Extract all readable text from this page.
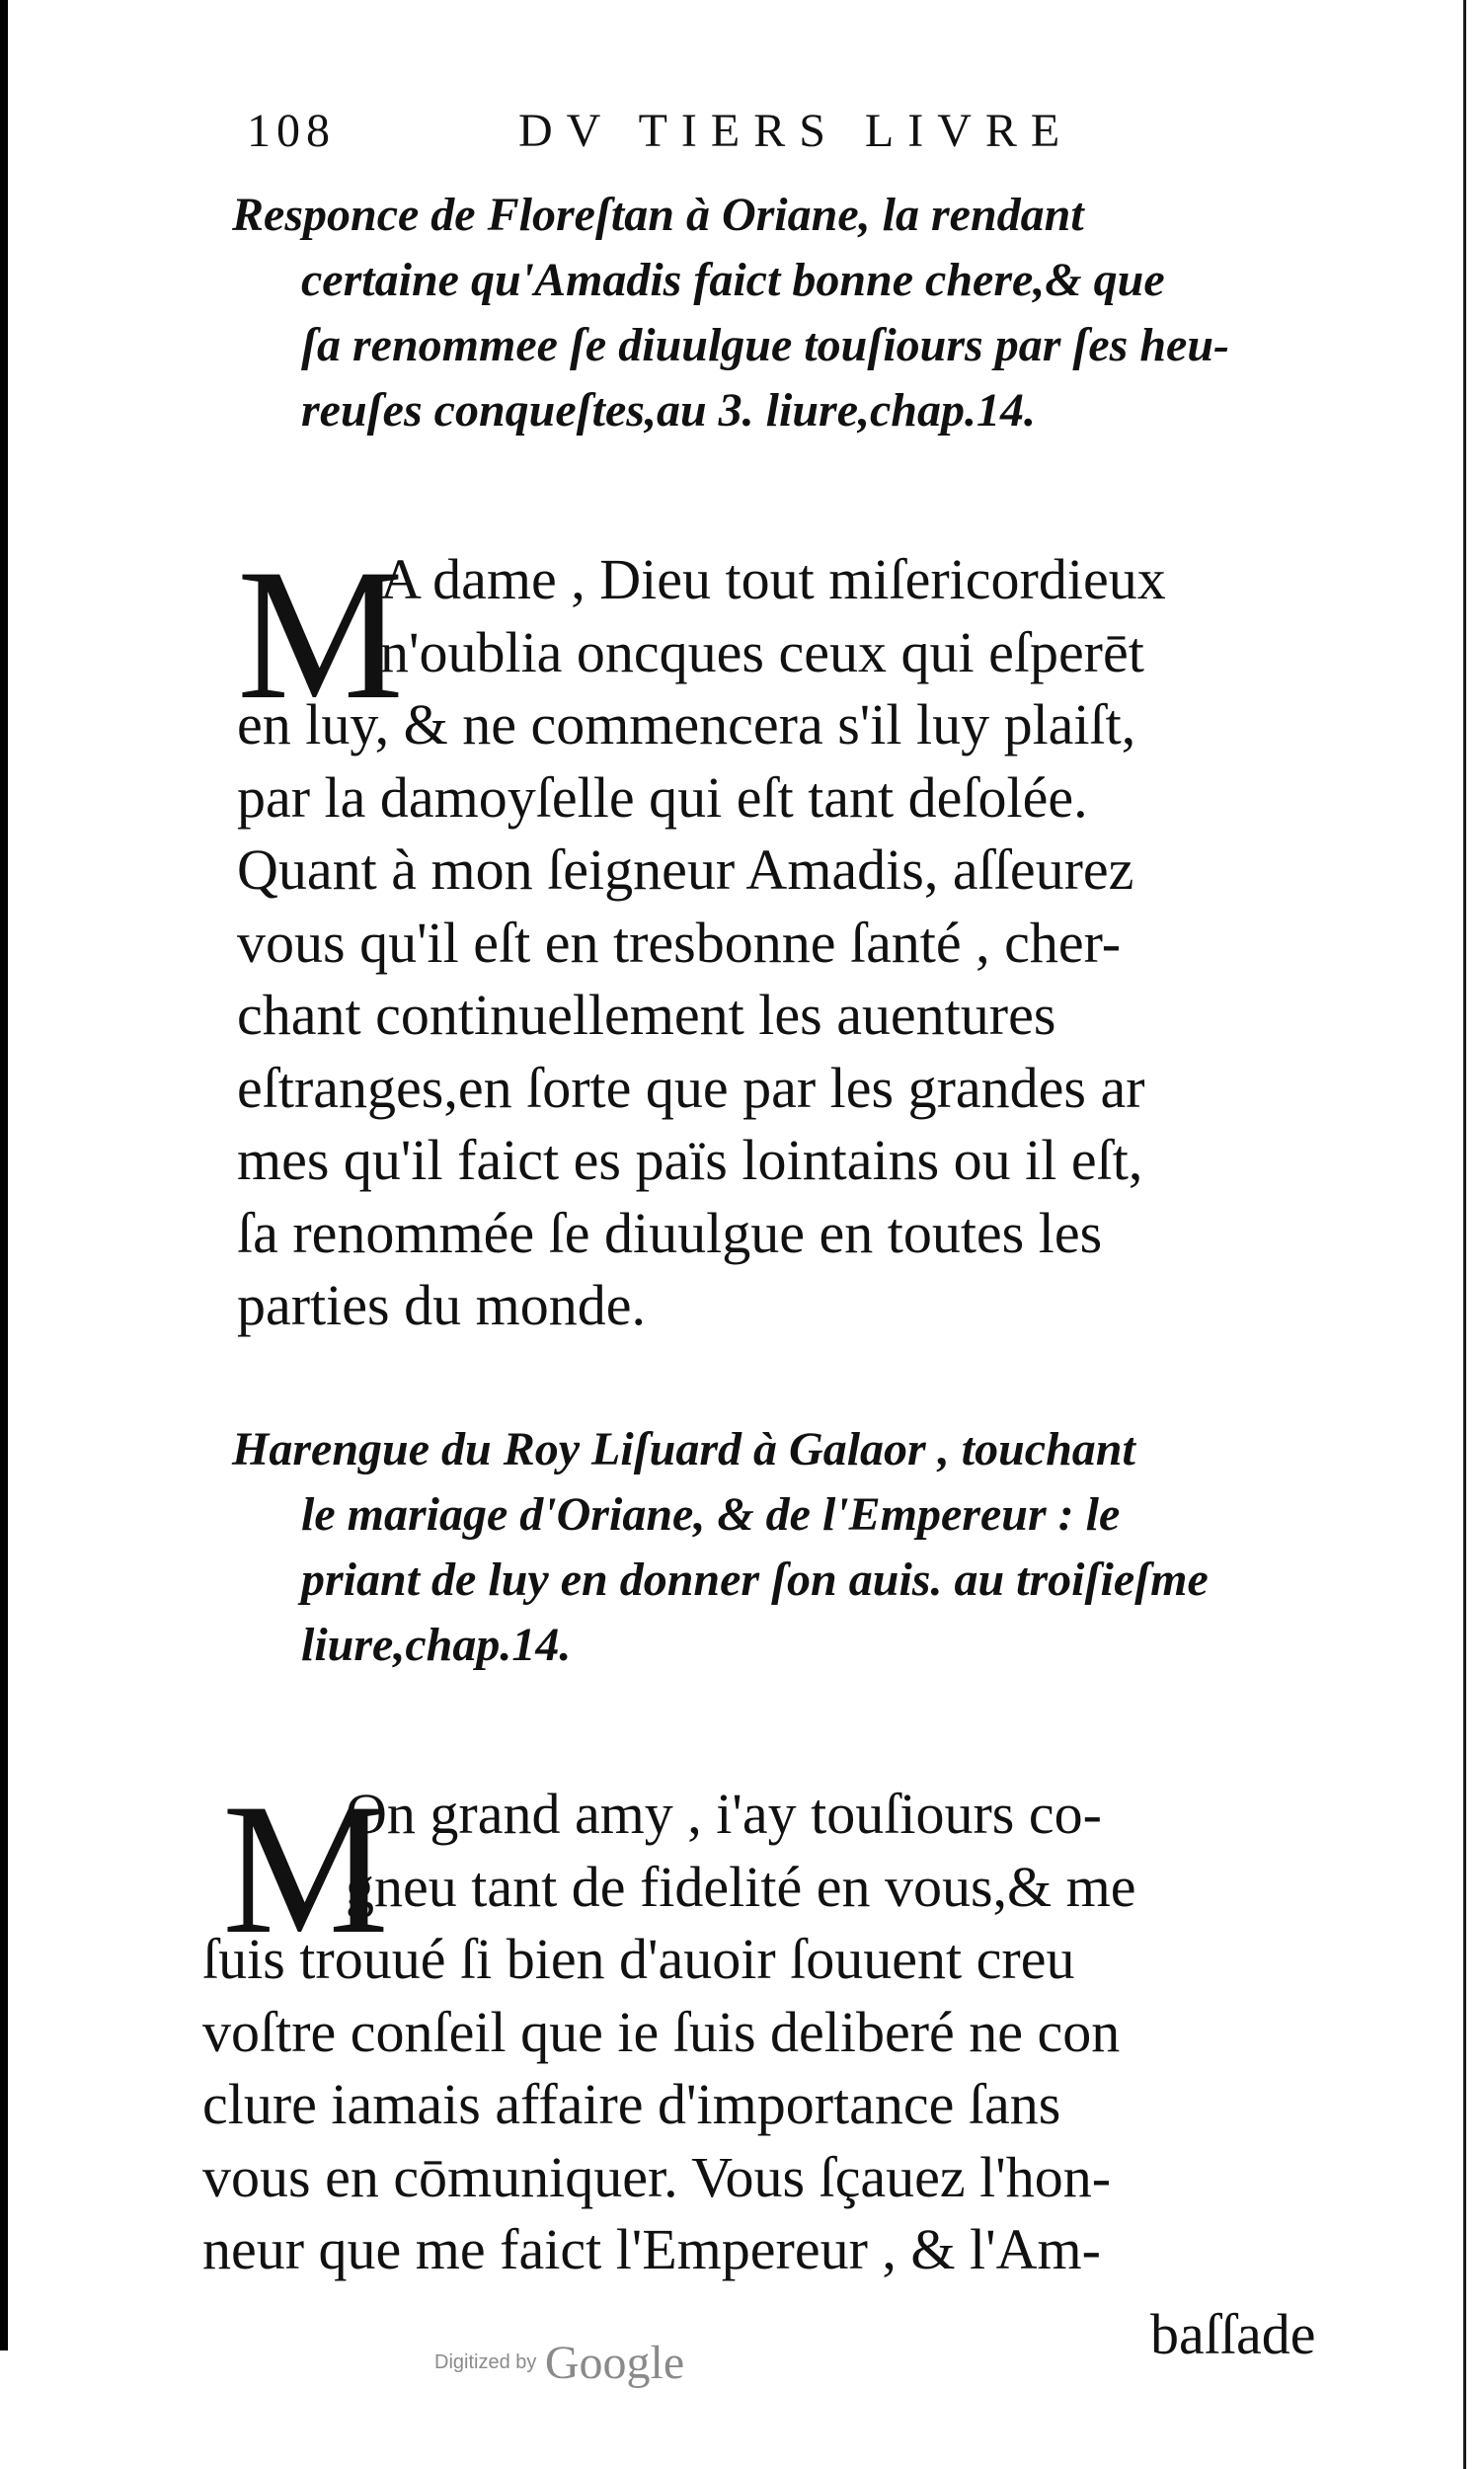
108	DV TIERS LIVRE
Responce de Floreſtan à Oriane, la rendant
certaine qu'Amadis faict bonne chere,& que
ſa renommee ſe diuulgue touſiours par ſes heu-
reuſes conqueſtes,au 3. liure,chap.14.
M
A dame , Dieu tout miſericordieux
n'oublia oncques ceux qui eſperēt
en luy, & ne commencera s'il luy plaiſt,
par la damoyſelle qui eſt tant deſolée.
Quant à mon ſeigneur Amadis, aſſeurez
vous qu'il eſt en tresbonne ſanté , cher-
chant continuellement les auentures
eſtranges,en ſorte que par les grandes ar
mes qu'il faict es païs lointains ou il eſt,
ſa renommée ſe diuulgue en toutes les
parties du monde.
Harengue du Roy Liſuard à Galaor , touchant
le mariage d'Oriane, & de l'Empereur : le
priant de luy en donner ſon auis. au troiſieſme
liure,chap.14.
M
On grand amy , i'ay touſiours co-
gneu tant de fidelité en vous,& me
ſuis trouué ſi bien d'auoir ſouuent creu
voſtre conſeil que ie ſuis deliberé ne con
clure iamais affaire d'importance ſans
vous en cōmuniquer. Vous ſçauez l'hon-
neur que me faict l'Empereur , & l'Am-
baſſade
Digitized by Google
